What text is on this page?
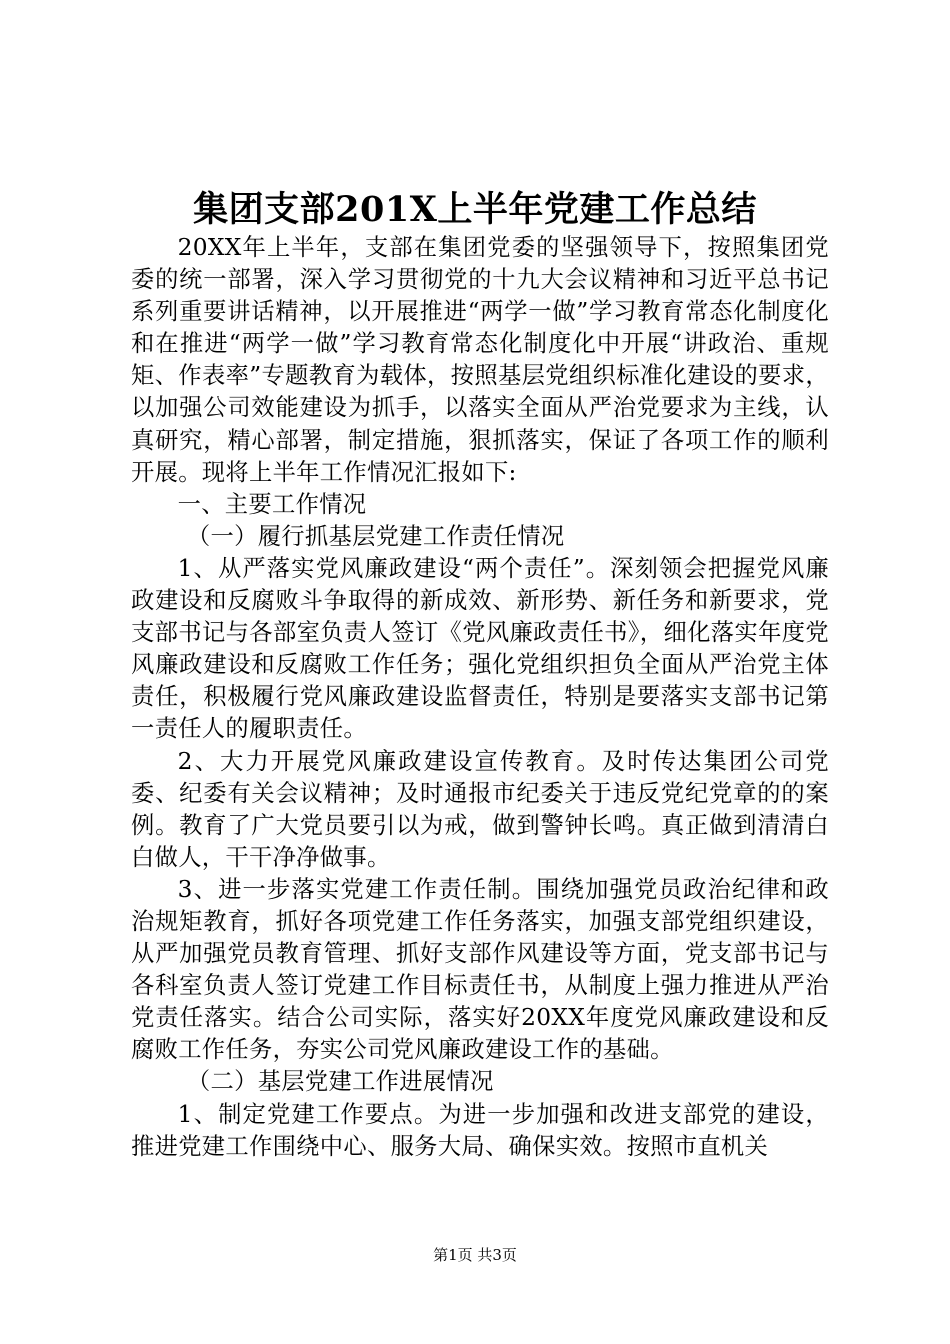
集团支部201X上半年党建工作总结

20XX年上半年，支部在集团党委的坚强领导下，按照集团党委的统一部署，深入学习贯彻党的十九大会议精神和习近平总书记系列重要讲话精神，以开展推进“两学一做”学习教育常态化制度化和在推进“两学一做”学习教育常态化制度化中开展“讲政治、重规矩、作表率”专题教育为载体，按照基层党组织标准化建设的要求，以加强公司效能建设为抓手，以落实全面从严治党要求为主线，认真研究，精心部署，制定措施，狠抓落实，保证了各项工作的顺利开展。现将上半年工作情况汇报如下:

一、主要工作情况

（一）履行抓基层党建工作责任情况

1、从严落实党风廉政建设“两个责任”。深刻领会把握党风廉政建设和反腐败斗争取得的新成效、新形势、新任务和新要求，党支部书记与各部室负责人签订《党风廉政责任书》，细化落实年度党风廉政建设和反腐败工作任务；强化党组织担负全面从严治党主体责任，积极履行党风廉政建设监督责任，特别是要落实支部书记第一责任人的履职责任。

2、大力开展党风廉政建设宣传教育。及时传达集团公司党委、纪委有关会议精神；及时通报市纪委关于违反党纪党章的的案例。教育了广大党员要引以为戒，做到警钟长鸣。真正做到清清白白做人，干干净净做事。

3、进一步落实党建工作责任制。围绕加强党员政治纪律和政治规矩教育，抓好各项党建工作任务落实，加强支部党组织建设，从严加强党员教育管理、抓好支部作风建设等方面，党支部书记与各科室负责人签订党建工作目标责任书，从制度上强力推进从严治党责任落实。结合公司实际，落实好20XX年度党风廉政建设和反腐败工作任务，夯实公司党风廉政建设工作的基础。

（二）基层党建工作进展情况

1、制定党建工作要点。为进一步加强和改进支部党的建设，推进党建工作围绕中心、服务大局、确保实效。按照市直机关

第1页 共3页
